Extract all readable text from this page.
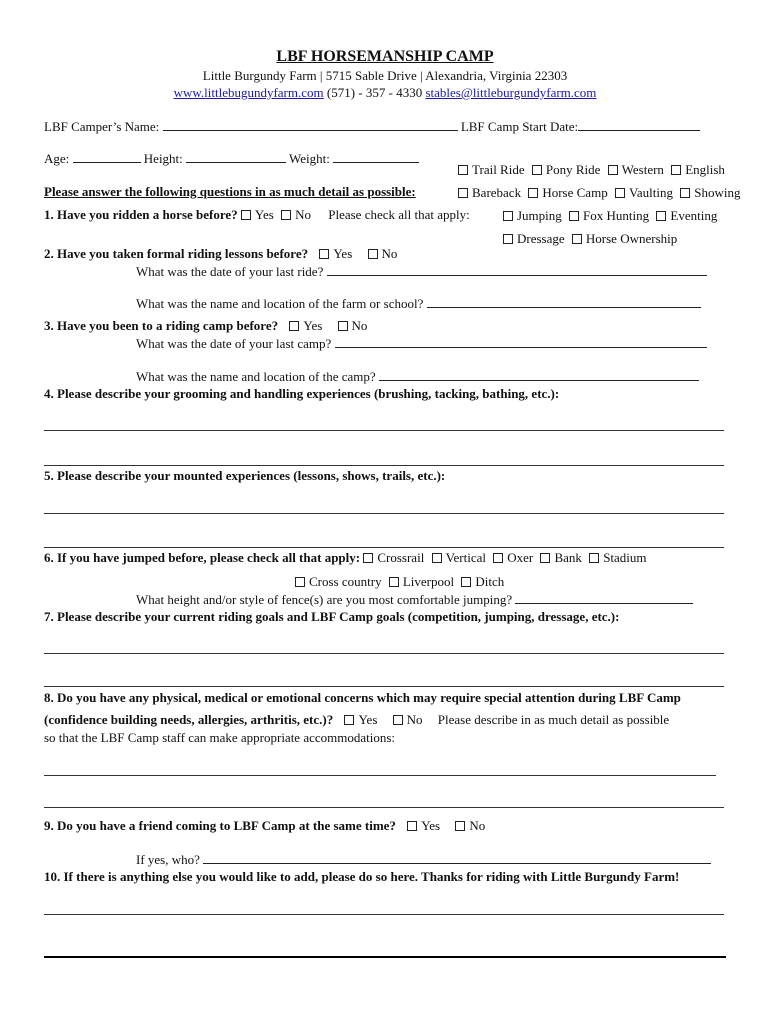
LBF HORSEMANSHIP CAMP
Little Burgundy Farm | 5715 Sable Drive | Alexandria, Virginia 22303
www.littlebugundyfarm.com (571) - 357 - 4330 stables@littleburgundyfarm.com
LBF Camper’s Name:	LBF Camp Start Date:
Age:	Height:	Weight:
Trail Ride Pony Ride Western English
Please answer the following questions in as much detail as possible:	Bareback Horse Camp Vaulting Showing
1. Have you ridden a horse before? Yes No Please check all that apply:	Jumping Fox Hunting Eventing
Dressage Horse Ownership
2. Have you taken formal riding lessons before? Yes No
What was the date of your last ride?
What was the name and location of the farm or school?
3. Have you been to a riding camp before? Yes No
What was the date of your last camp?
What was the name and location of the camp?
4. Please describe your grooming and handling experiences (brushing, tacking, bathing, etc.):
5. Please describe your mounted experiences (lessons, shows, trails, etc.):
6. If you have jumped before, please check all that apply: Crossrail Vertical Oxer Bank Stadium
Cross country Liverpool Ditch
What height and/or style of fence(s) are you most comfortable jumping?
7. Please describe your current riding goals and LBF Camp goals (competition, jumping, dressage, etc.):
8. Do you have any physical, medical or emotional concerns which may require special attention during LBF Camp
(confidence building needs, allergies, arthritis, etc.)? Yes No Please describe in as much detail as possible
so that the LBF Camp staff can make appropriate accommodations:
9. Do you have a friend coming to LBF Camp at the same time? Yes No
If yes, who?
10. If there is anything else you would like to add, please do so here. Thanks for riding with Little Burgundy Farm!
